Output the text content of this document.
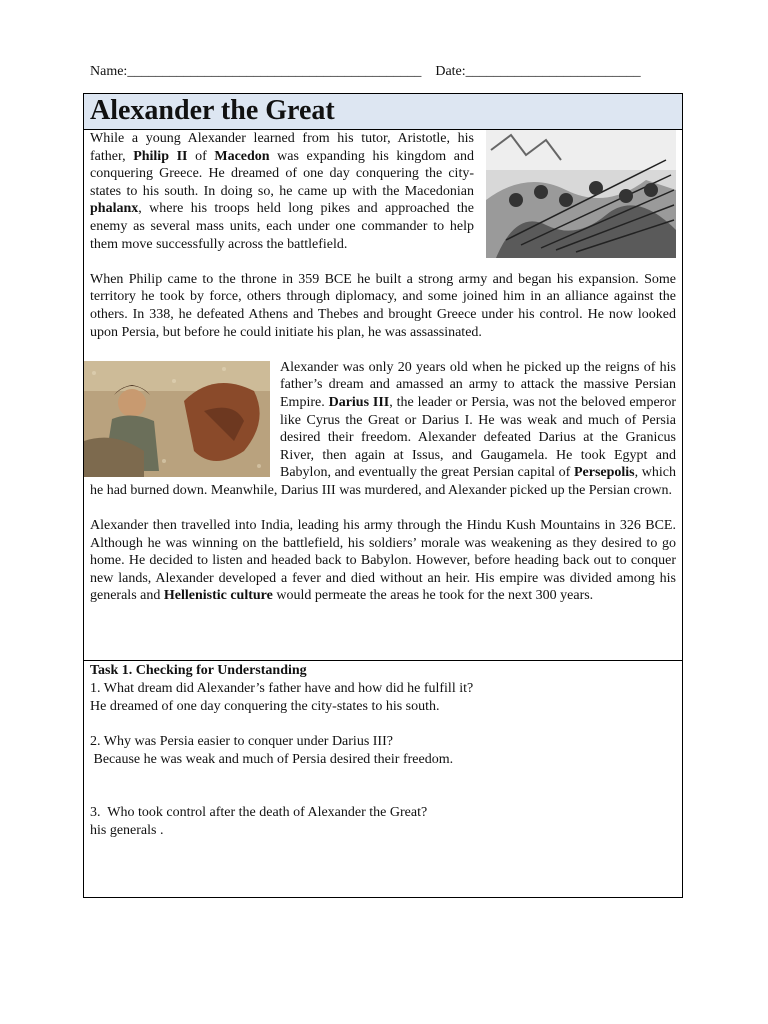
Name:__________________________________________ Date:_________________________
Alexander the Great

While a young Alexander learned from his tutor, Aristotle, his father, Philip II of Macedon was expanding his kingdom and conquering Greece. He dreamed of one day conquering the city-states to his south. In doing so, he came up with the Macedonian phalanx, where his troops held long pikes and approached the enemy as several mass units, each under one commander to help them move successfully across the battlefield.

When Philip came to the throne in 359 BCE he built a strong army and began his expansion. Some territory he took by force, others through diplomacy, and some joined him in an alliance against the others. In 338, he defeated Athens and Thebes and brought Greece under his control. He now looked upon Persia, but before he could initiate his plan, he was assassinated.

Alexander was only 20 years old when he picked up the reigns of his father’s dream and amassed an army to attack the massive Persian Empire. Darius III, the leader or Persia, was not the beloved emperor like Cyrus the Great or Darius I. He was weak and much of Persia desired their freedom. Alexander defeated Darius at the Granicus River, then again at Issus, and Gaugamela. He took Egypt and Babylon, and eventually the great Persian capital of Persepolis, which he had burned down. Meanwhile, Darius III was murdered, and Alexander picked up the Persian crown.

Alexander then travelled into India, leading his army through the Hindu Kush Mountains in 326 BCE. Although he was winning on the battlefield, his soldiers’ morale was weakening as they desired to go home. He decided to listen and headed back to Babylon. However, before heading back out to conquer new lands, Alexander developed a fever and died without an heir. His empire was divided among his generals and Hellenistic culture would permeate the areas he took for the next 300 years.

Task 1. Checking for Understanding
1. What dream did Alexander’s father have and how did he fulfill it?
He dreamed of one day conquering the city-states to his south.
2. Why was Persia easier to conquer under Darius III?
Because he was weak and much of Persia desired their freedom.
3.  Who took control after the death of Alexander the Great?
his generals .
